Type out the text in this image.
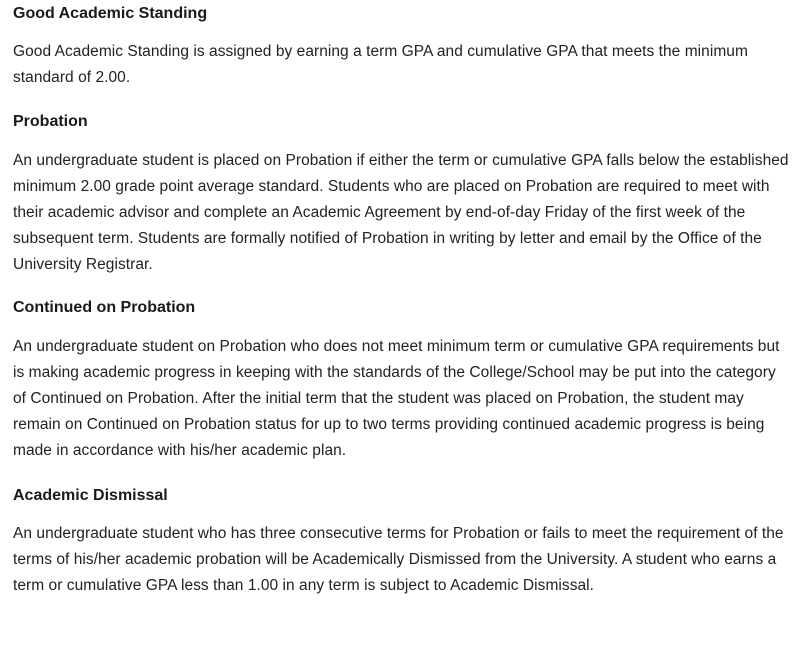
Good Academic Standing

Good Academic Standing is assigned by earning a term GPA and cumulative GPA that meets the minimum standard of 2.00.

Probation

An undergraduate student is placed on Probation if either the term or cumulative GPA falls below the established minimum 2.00 grade point average standard. Students who are placed on Probation are required to meet with their academic advisor and complete an Academic Agreement by end-of-day Friday of the first week of the subsequent term. Students are formally notified of Probation in writing by letter and email by the Office of the University Registrar.

Continued on Probation

An undergraduate student on Probation who does not meet minimum term or cumulative GPA requirements but is making academic progress in keeping with the standards of the College/School may be put into the category of Continued on Probation. After the initial term that the student was placed on Probation, the student may remain on Continued on Probation status for up to two terms providing continued academic progress is being made in accordance with his/her academic plan.

Academic Dismissal

An undergraduate student who has three consecutive terms for Probation or fails to meet the requirement of the terms of his/her academic probation will be Academically Dismissed from the University. A student who earns a term or cumulative GPA less than 1.00 in any term is subject to Academic Dismissal.
